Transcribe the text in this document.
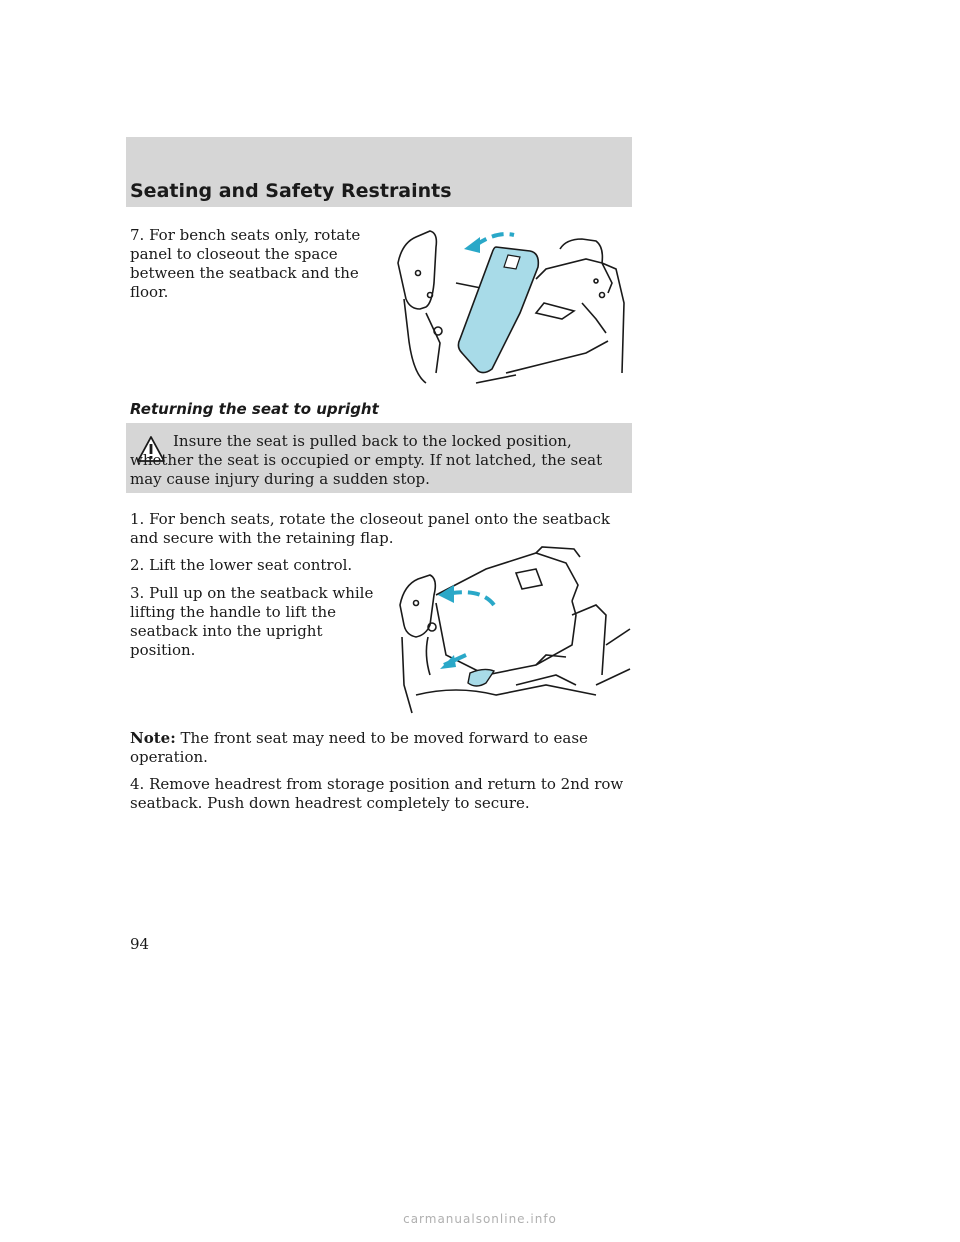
Seating and Safety Restraints
7. For bench seats only, rotate panel to closeout the space between the seatback and the floor.
Returning the seat to upright
Insure the seat is pulled back to the locked position, whether the seat is occupied or empty. If not latched, the seat may cause injury during a sudden stop.
1. For bench seats, rotate the closeout panel onto the seatback and secure with the retaining flap.
2. Lift the lower seat control.
3. Pull up on the seatback while lifting the handle to lift the seatback into the upright position.
Note: The front seat may need to be moved forward to ease operation.
4. Remove headrest from storage position and return to 2nd row seatback. Push down headrest completely to secure.
94
carmanualsonline.info
